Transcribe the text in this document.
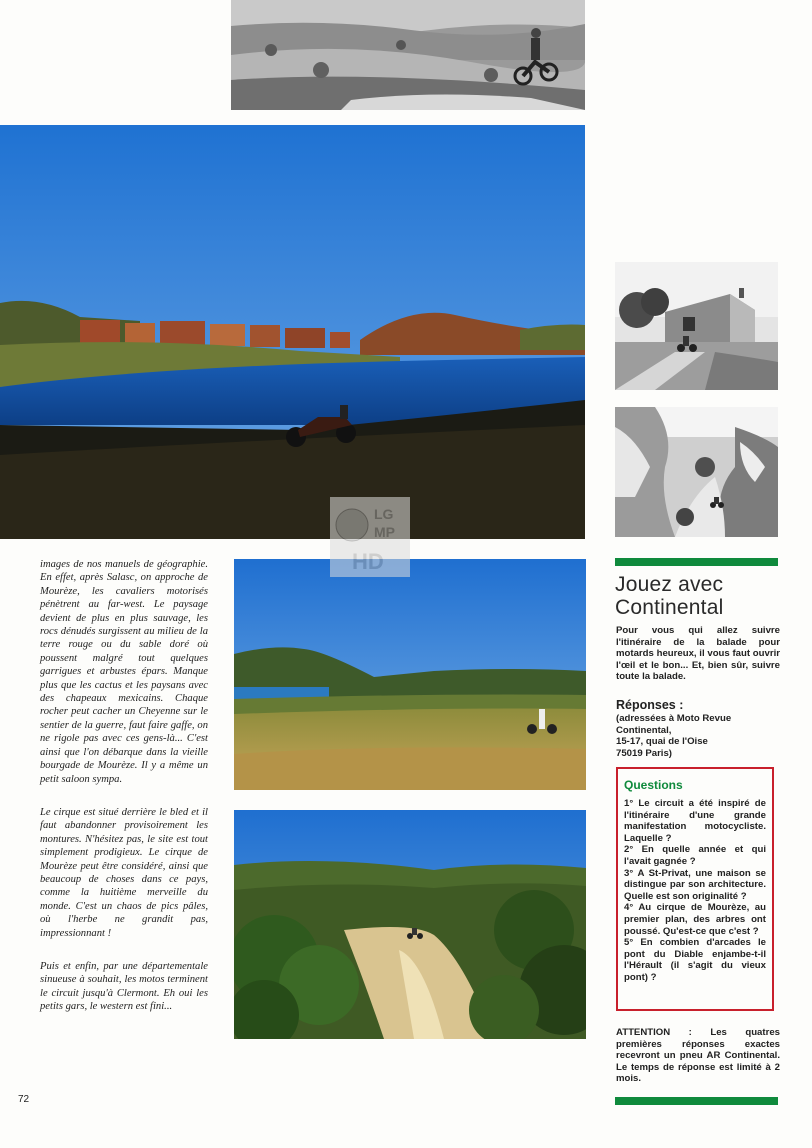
LG
MP
HD

images de nos manuels de géographie. En effet, après Salasc, on approche de Mourèze, les cavaliers motorisés pénètrent au far-west. Le paysage devient de plus en plus sauvage, les rocs dénudés surgissent au milieu de la terre rouge ou du sable doré où poussent malgré tout quelques garrigues et arbustes épars. Manque plus que les cactus et les paysans avec des chapeaux mexicains. Chaque rocher peut cacher un Cheyenne sur le sentier de la guerre, faut faire gaffe, on ne rigole pas avec ces gens-là... C'est ainsi que l'on débarque dans la vieille bourgade de Mourèze. Il y a même un petit saloon sympa.

Le cirque est situé derrière le bled et il faut abandonner provisoirement les montures. N'hésitez pas, le site est tout simplement prodigieux. Le cirque de Mourèze peut être considéré, ainsi que beaucoup de choses dans ce pays, comme la huitième merveille du monde. C'est un chaos de pics pâles, où l'herbe ne grandit pas, impressionnant !

Puis et enfin, par une départementale sinueuse à souhait, les motos terminent le circuit jusqu'à Clermont. Eh oui les petits gars, le western est fini...

72
Jouez avec
Continental
Pour vous qui allez suivre l'itinéraire de la balade pour motards heureux, il vous faut ouvrir l'œil et le bon... Et, bien sûr, suivre toute la balade.
Réponses :
(adressées à Moto Revue
Continental,
15-17, quai de l'Oise
75019 Paris)
Questions

1° Le circuit a été inspiré de l'itinéraire d'une grande manifestation motocycliste. Laquelle ?

2° En quelle année et qui l'avait gagnée ?

3° A St-Privat, une maison se distingue par son architecture. Quelle est son originalité ?

4° Au cirque de Mourèze, au premier plan, des arbres ont poussé. Qu'est-ce que c'est ?

5° En combien d'arcades le pont du Diable enjambe-t-il l'Hérault (il s'agit du vieux pont) ?

ATTENTION : Les quatres premières réponses exactes recevront un pneu AR Continental. Le temps de réponse est limité à 2 mois.
